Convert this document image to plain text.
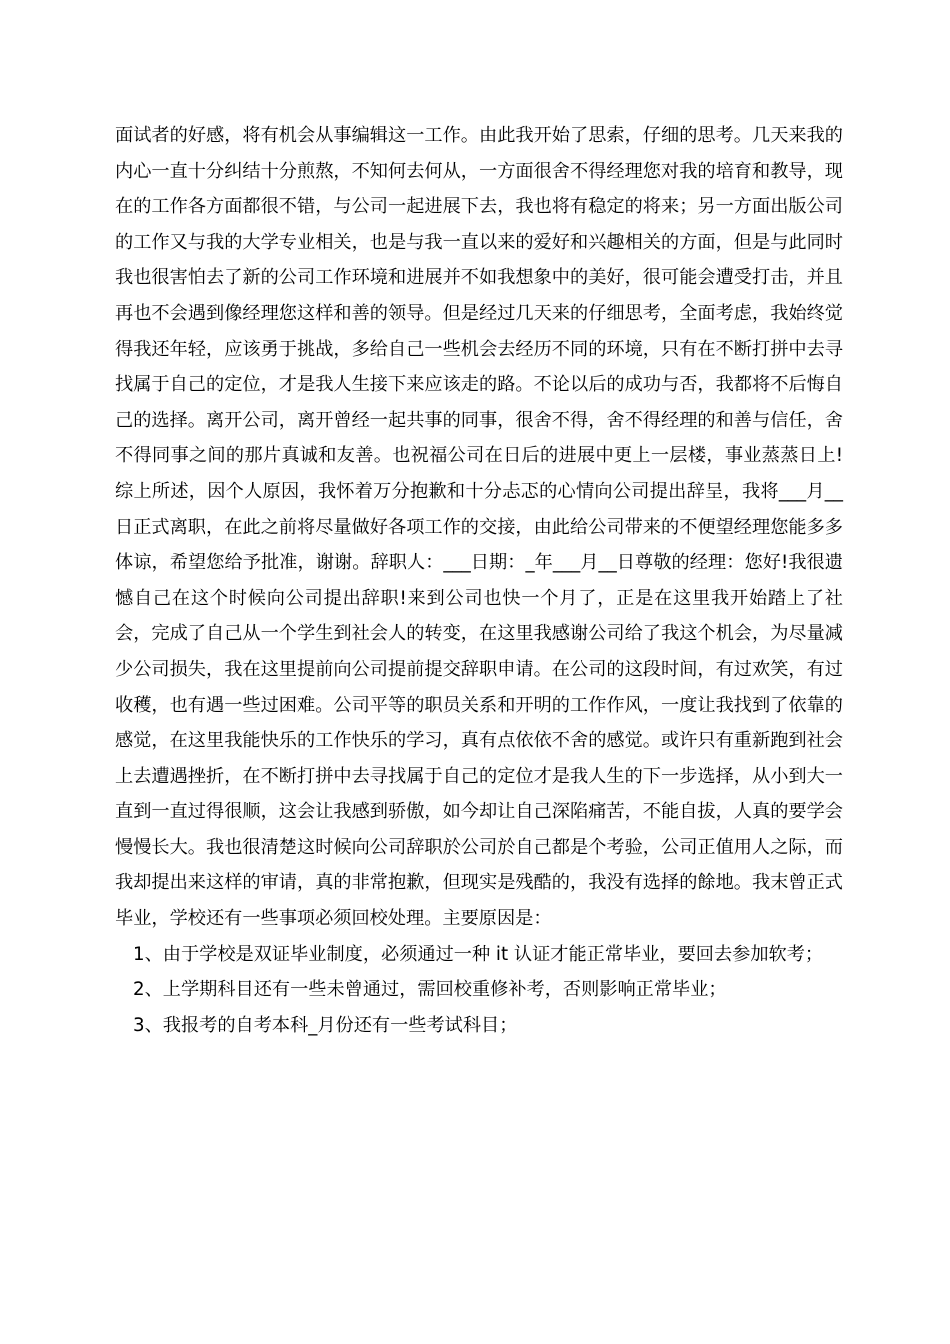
面试者的好感，将有机会从事编辑这一工作。由此我开始了思索，仔细的思考。几天来我的内心一直十分纠结十分煎熬，不知何去何从，一方面很舍不得经理您对我的培育和教导，现在的工作各方面都很不错，与公司一起进展下去，我也将有稳定的将来；另一方面出版公司的工作又与我的大学专业相关，也是与我一直以来的爱好和兴趣相关的方面，但是与此同时我也很害怕去了新的公司工作环境和进展并不如我想象中的美好，很可能会遭受打击，并且再也不会遇到像经理您这样和善的领导。但是经过几天来的仔细思考，全面考虑，我始终觉得我还年轻，应该勇于挑战，多给自己一些机会去经历不同的环境，只有在不断打拼中去寻找属于自己的定位，才是我人生接下来应该走的路。不论以后的成功与否，我都将不后悔自己的选择。离开公司，离开曾经一起共事的同事，很舍不得，舍不得经理的和善与信任，舍不得同事之间的那片真诚和友善。也祝福公司在日后的进展中更上一层楼，事业蒸蒸日上!综上所述，因个人原因，我怀着万分抱歉和十分忐忑的心情向公司提出辞呈，我将___月__日正式离职，在此之前将尽量做好各项工作的交接，由此给公司带来的不便望经理您能多多体谅，希望您给予批准，谢谢。辞职人：___日期：_年___月__日尊敬的经理：您好!我很遗憾自己在这个时候向公司提出辞职!来到公司也快一个月了，正是在这里我开始踏上了社会，完成了自己从一个学生到社会人的转变，在这里我感谢公司给了我这个机会，为尽量减少公司损失，我在这里提前向公司提前提交辞职申请。在公司的这段时间，有过欢笑，有过收穫，也有遇一些过困难。公司平等的职员关系和开明的工作作风，一度让我找到了依靠的感觉，在这里我能快乐的工作快乐的学习，真有点依依不舍的感觉。或许只有重新跑到社会上去遭遇挫折，在不断打拼中去寻找属于自己的定位才是我人生的下一步选择，从小到大一直到一直过得很顺，这会让我感到骄傲，如今却让自己深陷痛苦，不能自拔，人真的要学会慢慢长大。我也很清楚这时候向公司辞职於公司於自己都是个考验，公司正值用人之际，而我却提出来这样的审请，真的非常抱歉，但现实是残酷的，我没有选择的餘地。我末曾正式毕业，学校还有一些事项必须回校处理。主要原因是：

1、由于学校是双证毕业制度，必须通过一种 it 认证才能正常毕业，要回去参加软考；

2、上学期科目还有一些未曾通过，需回校重修补考，否则影响正常毕业；

3、我报考的自考本科_月份还有一些考试科目；
